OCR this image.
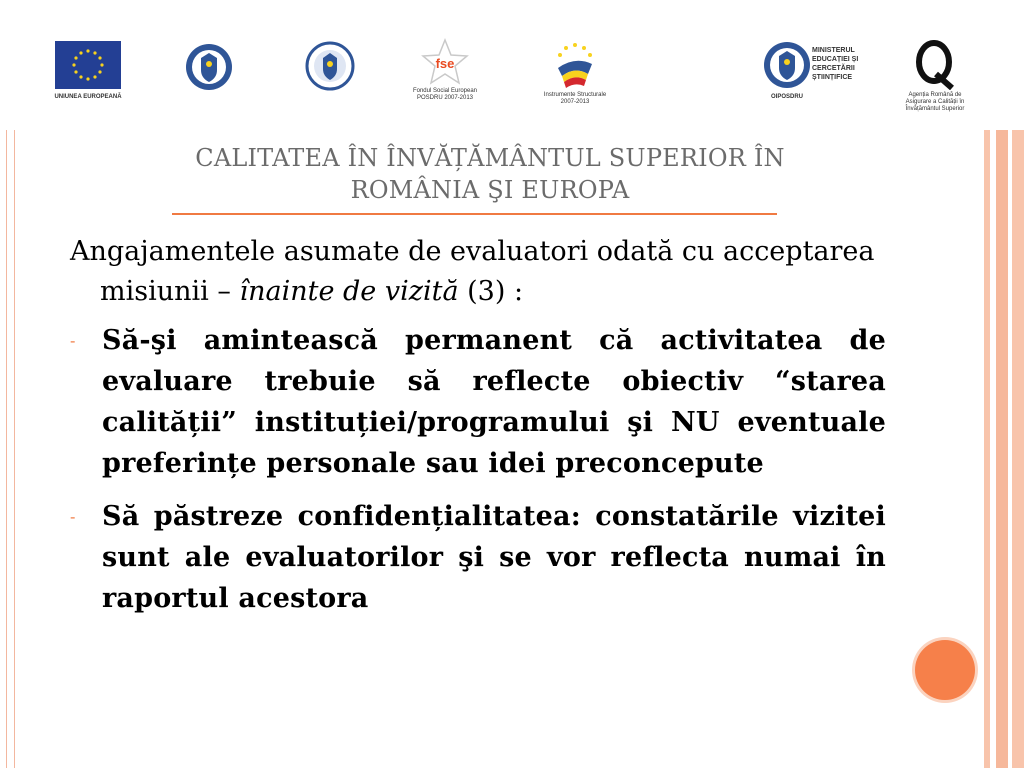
UNIUNEA EUROPEANĂ
fse
Fondul Social European
POSDRU 2007-2013	Instrumente Structurale
2007-2013
OIPOSDRU
MINISTERUL
EDUCAȚIEI ȘI
CERCETĂRII
ȘTIINȚIFICE
Agenția Română de
Asigurare a Calității în
Învățământul Superior
CALITATEA ÎN ÎNVĂȚĂMÂNTUL SUPERIOR ÎN
ROMÂNIA ŞI EUROPA

Angajamentele asumate de evaluatori odată cu acceptarea misiunii – înainte de vizită (3) :

- Să-şi amintească permanent că activitatea de evaluare trebuie să reflecte obiectiv “starea calității” instituției/programului şi NU eventuale preferințe personale sau idei preconcepute
- Să păstreze confidențialitatea: constatările vizitei sunt ale evaluatorilor şi se vor reflecta numai în raportul acestora
